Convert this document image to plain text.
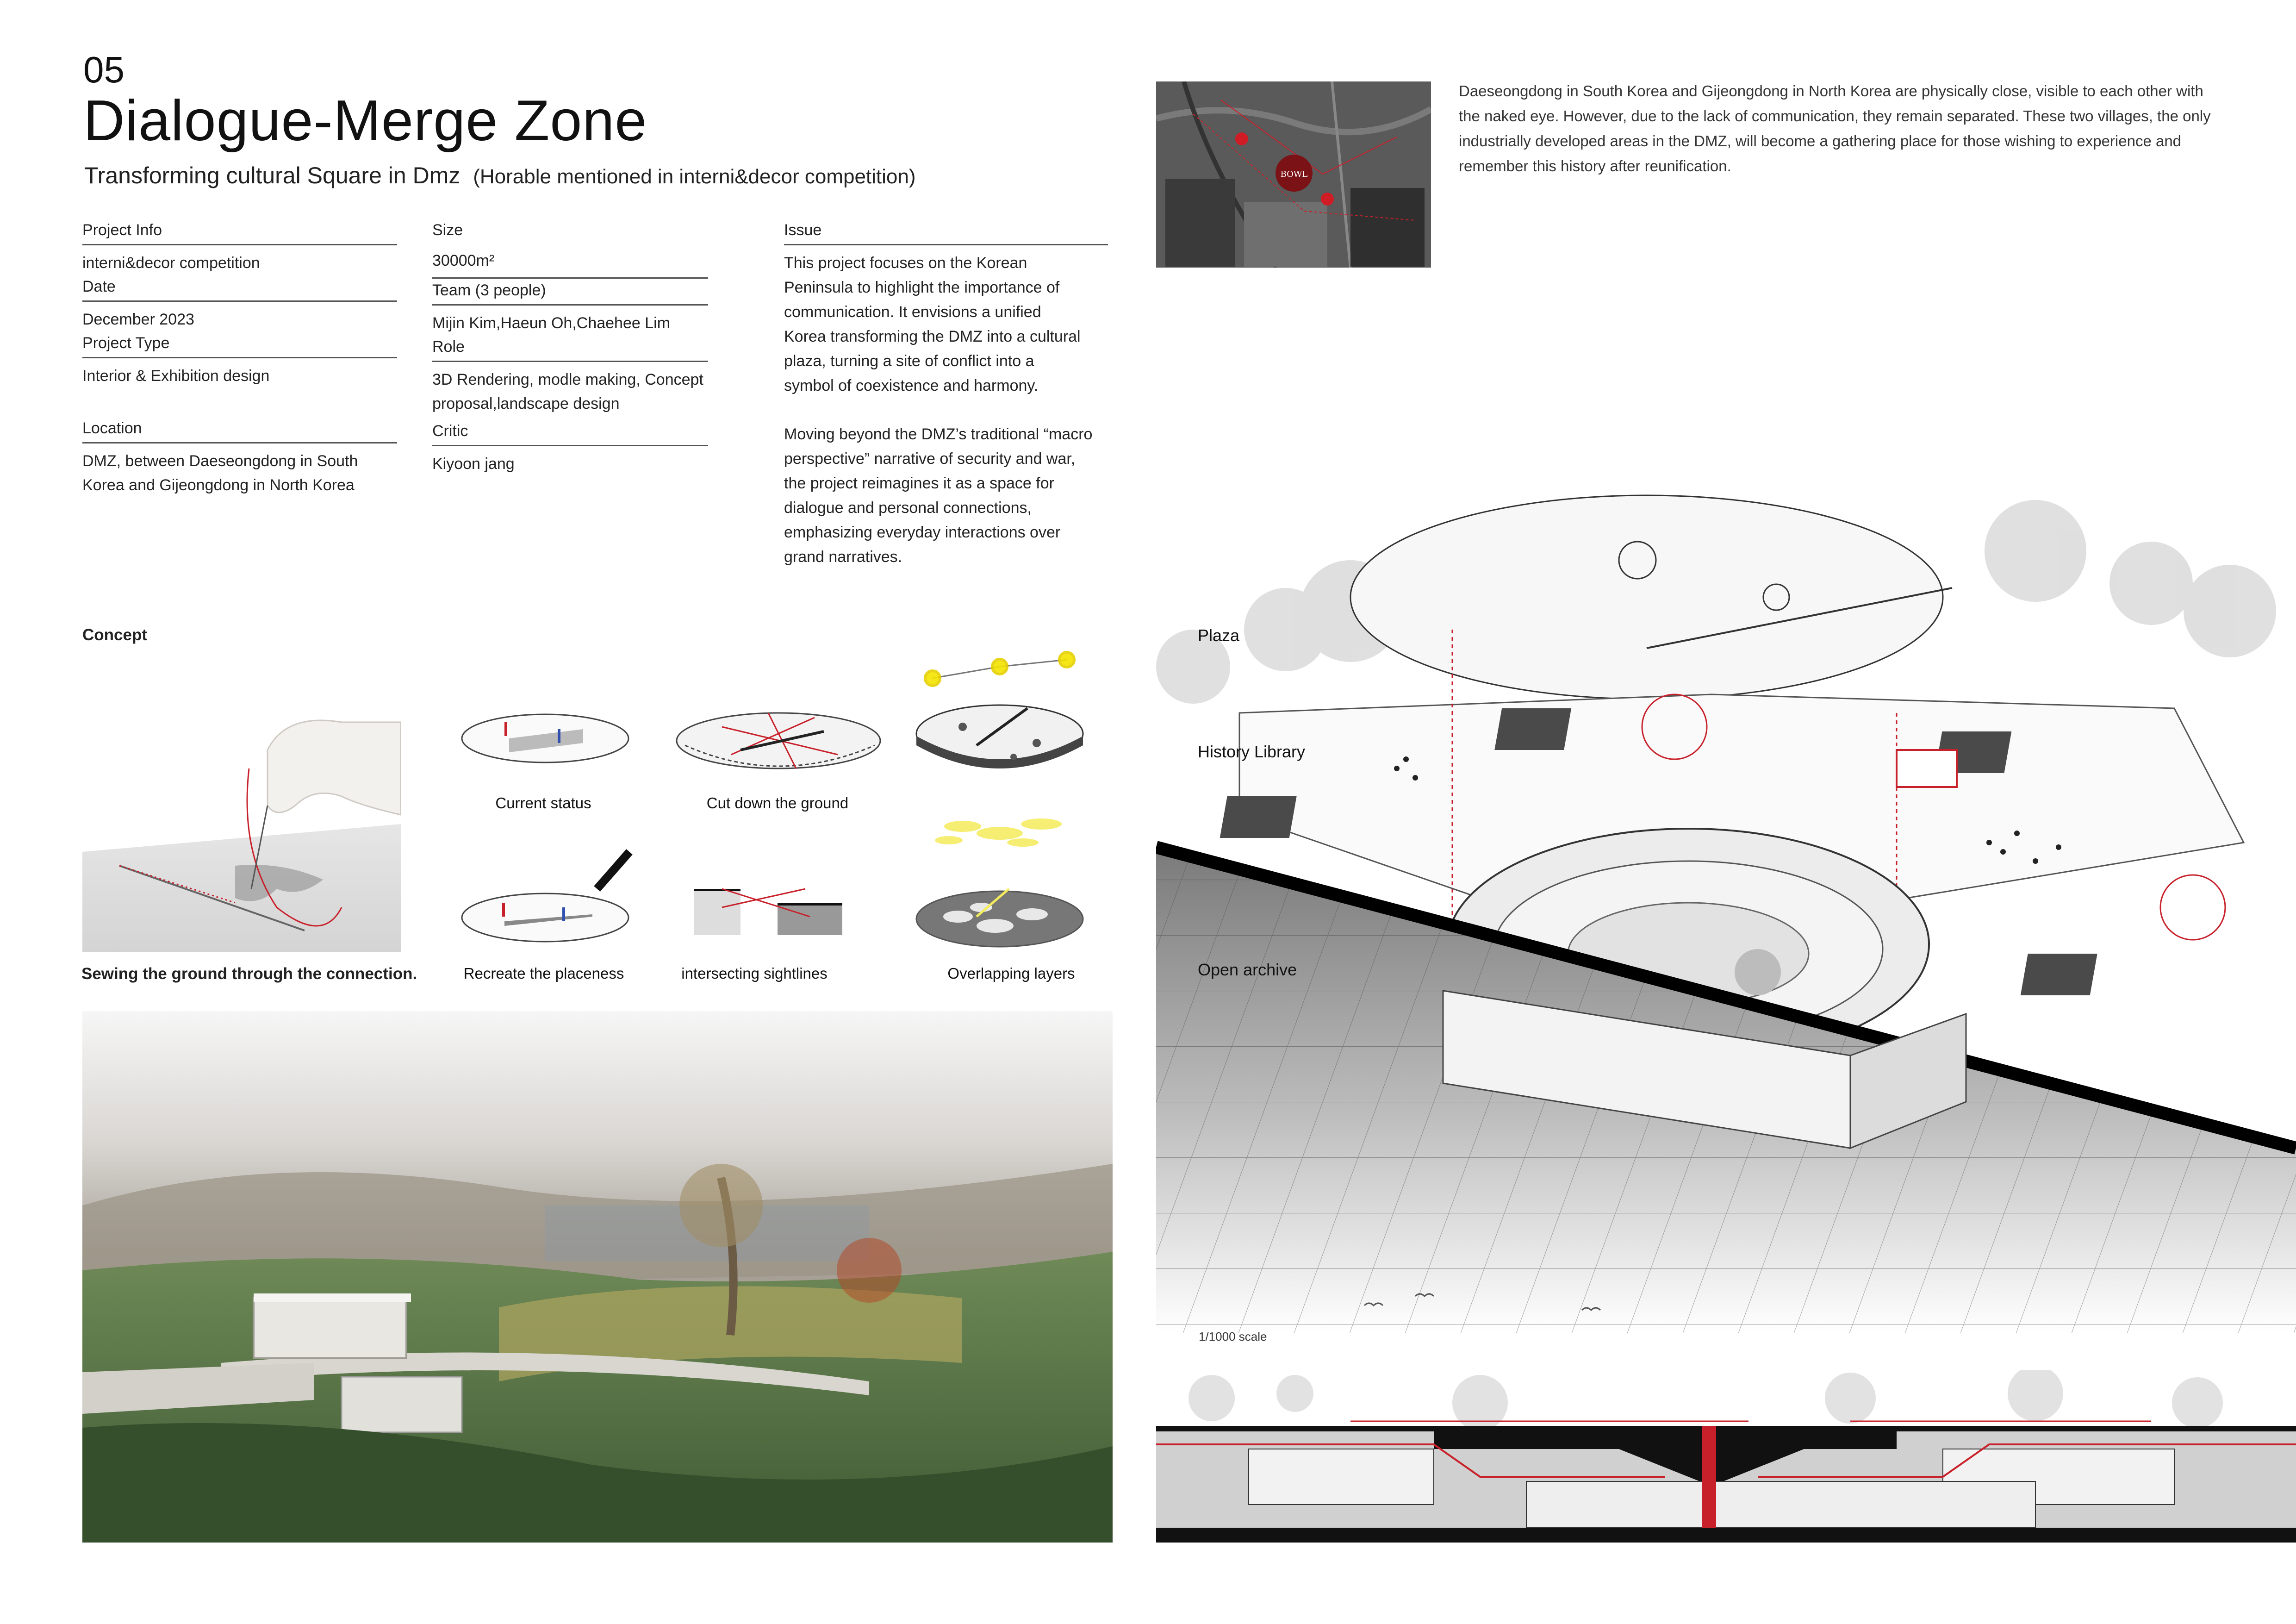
05
Dialogue-Merge Zone
Transforming cultural Square in Dmz (Horable mentioned in interni&decor competition)
Project Info
interni&decor competition
Date
December 2023
Project Type
Interior & Exhibition design
Location
DMZ, between Daeseongdong in South Korea and Gijeongdong in North Korea
Size
30000m²
Team (3 people)
Mijin Kim,Haeun Oh,Chaehee Lim
Role
3D Rendering, modle making, Concept proposal,landscape design
Critic
Kiyoon jang
Issue
This project focuses on the Korean Peninsula to highlight the importance of communication. It envisions a unified Korea transforming the DMZ into a cultural plaza, turning a site of conflict into a symbol of coexistence and harmony.
Moving beyond the DMZ’s traditional “macro perspective” narrative of security and war, the project reimagines it as a space for dialogue and personal connections, emphasizing everyday interactions over grand narratives.
BOWL
Daeseongdong in South Korea and Gijeongdong in North Korea are physically close, visible to each other with the naked eye. However, due to the lack of communication, they remain separated. These two villages, the only industrially developed areas in the DMZ, will become a gathering place for those wishing to experience and remember this history after reunification.
Concept
Sewing the ground through the connection.
Current status	Cut down the ground
Recreate the placeness	intersecting sightlines	Overlapping layers
Plaza
History Library
Open archive
1/1000 scale
